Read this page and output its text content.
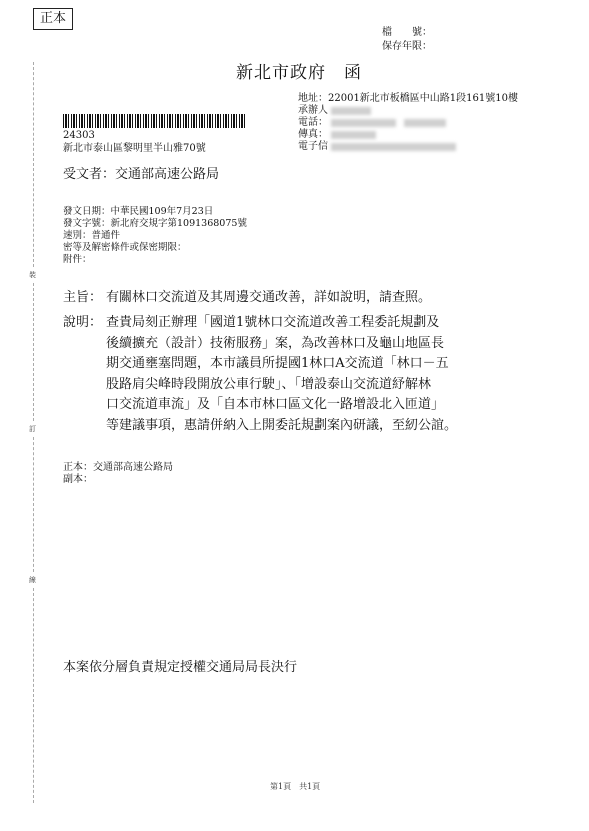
正本
檔　　號：
保存年限：
新北市政府　函
地址：22001新北市板橋區中山路1段161號10樓
承辦人
電話：
傳真：
電子信
24303
新北市泰山區黎明里半山雅70號
受文者：交通部高速公路局
發文日期：中華民國109年7月23日
發文字號：新北府交規字第1091368075號
速別：普通件
密等及解密條件或保密期限：
附件：
主旨： 有關林口交流道及其周邊交通改善，詳如說明，請查照。
說明： 查貴局刻正辦理「國道1號林口交流道改善工程委託規劃及
後續擴充（設計）技術服務」案，為改善林口及龜山地區長
期交通壅塞問題，本市議員所提國1林口A交流道「林口－五
股路肩尖峰時段開放公車行駛」、「增設泰山交流道紓解林
口交流道車流」及「自本市林口區文化一路增設北入匝道」
等建議事項，惠請併納入上開委託規劃案內研議，至紉公誼。
正本：交通部高速公路局
副本：
本案依分層負責規定授權交通局局長決行
裝
訂
線
第1頁　共1頁
